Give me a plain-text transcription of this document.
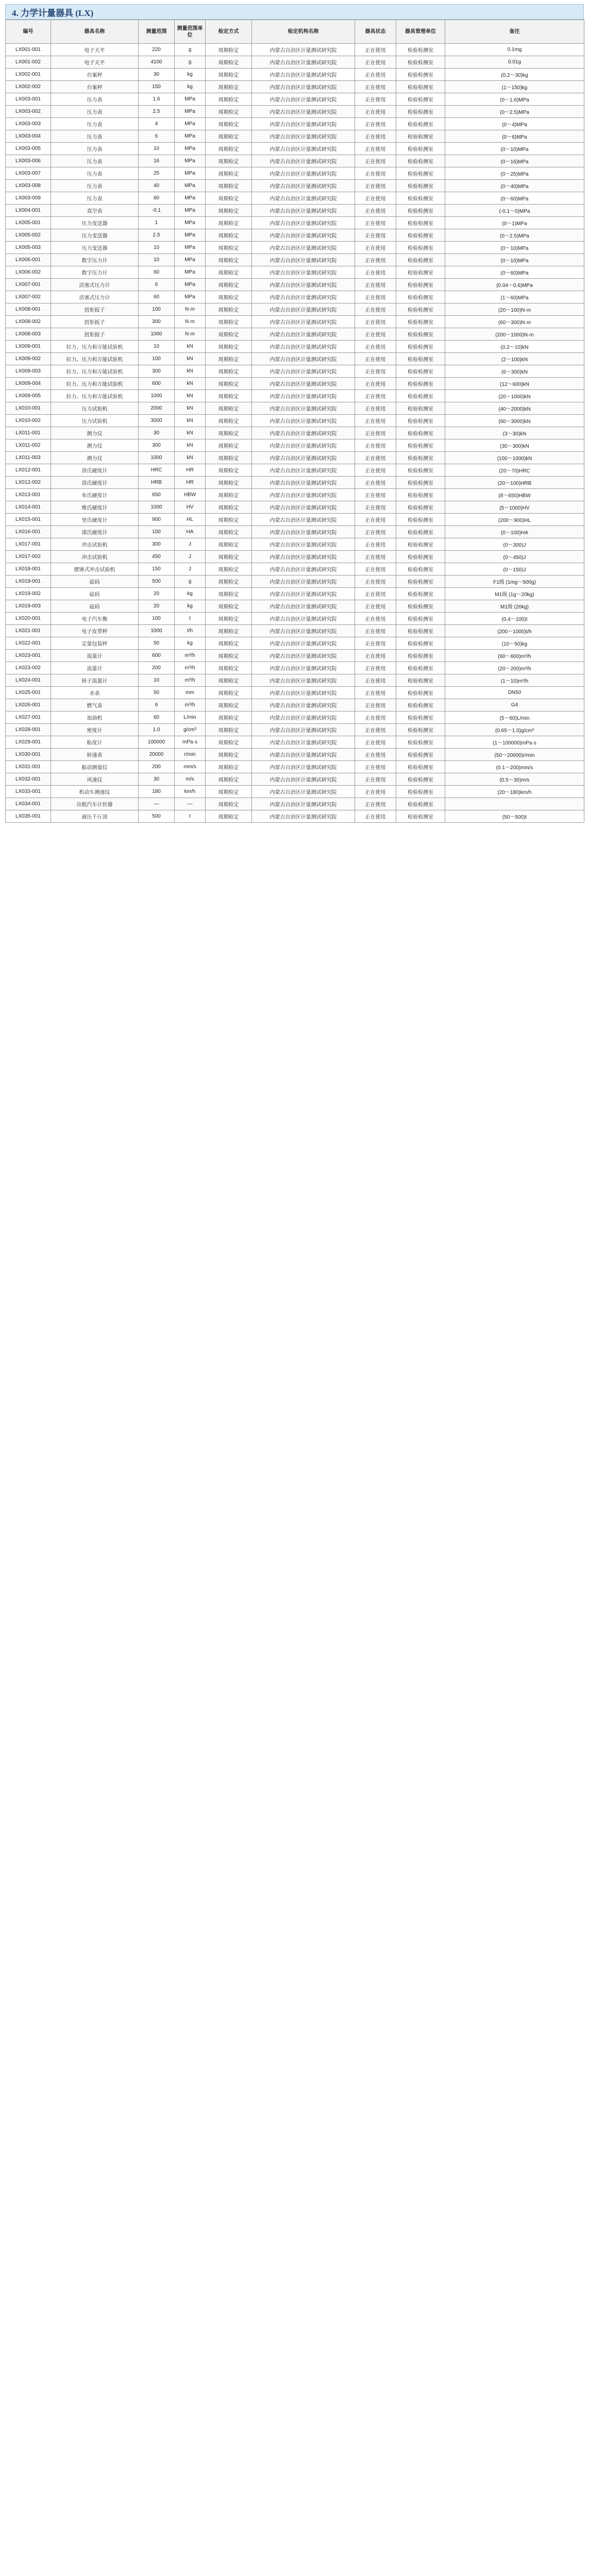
4. 力学计量器具 (LX)
编号	器具名称	测量范围	测量范围单位	检定方式	检定机构名称	器具状态	器具管理单位	备注
LX001-001	电子天平	220	g	周期检定	内蒙古自治区计量测试研究院	正在使用	检验检测室	0.1mg
LX001-002	电子天平	4100	g	周期检定	内蒙古自治区计量测试研究院	正在使用	检验检测室	0.01g
LX002-001	台案秤	30	kg	周期检定	内蒙古自治区计量测试研究院	正在使用	检验检测室	(0.2～30)kg
LX002-002	台案秤	150	kg	周期检定	内蒙古自治区计量测试研究院	正在使用	检验检测室	(1～150)kg
LX003-001	压力表	1.6	MPa	周期检定	内蒙古自治区计量测试研究院	正在使用	检验检测室	(0～1.6)MPa
LX003-002	压力表	2.5	MPa	周期检定	内蒙古自治区计量测试研究院	正在使用	检验检测室	(0～2.5)MPa
LX003-003	压力表	4	MPa	周期检定	内蒙古自治区计量测试研究院	正在使用	检验检测室	(0～4)MPa
LX003-004	压力表	6	MPa	周期检定	内蒙古自治区计量测试研究院	正在使用	检验检测室	(0～6)MPa
LX003-005	压力表	10	MPa	周期检定	内蒙古自治区计量测试研究院	正在使用	检验检测室	(0～10)MPa
LX003-006	压力表	16	MPa	周期检定	内蒙古自治区计量测试研究院	正在使用	检验检测室	(0～16)MPa
LX003-007	压力表	25	MPa	周期检定	内蒙古自治区计量测试研究院	正在使用	检验检测室	(0～25)MPa
LX003-008	压力表	40	MPa	周期检定	内蒙古自治区计量测试研究院	正在使用	检验检测室	(0～40)MPa
LX003-009	压力表	60	MPa	周期检定	内蒙古自治区计量测试研究院	正在使用	检验检测室	(0～60)MPa
LX004-001	真空表	-0.1	MPa	周期检定	内蒙古自治区计量测试研究院	正在使用	检验检测室	(-0.1～0)MPa
LX005-001	压力变送器	1	MPa	周期检定	内蒙古自治区计量测试研究院	正在使用	检验检测室	(0～1)MPa
LX005-002	压力变送器	2.5	MPa	周期检定	内蒙古自治区计量测试研究院	正在使用	检验检测室	(0～2.5)MPa
LX005-003	压力变送器	10	MPa	周期检定	内蒙古自治区计量测试研究院	正在使用	检验检测室	(0～10)MPa
LX006-001	数字压力计	10	MPa	周期检定	内蒙古自治区计量测试研究院	正在使用	检验检测室	(0～10)MPa
LX006-002	数字压力计	60	MPa	周期检定	内蒙古自治区计量测试研究院	正在使用	检验检测室	(0～60)MPa
LX007-001	活塞式压力计	6	MPa	周期检定	内蒙古自治区计量测试研究院	正在使用	检验检测室	(0.04～0.6)MPa
LX007-002	活塞式压力计	60	MPa	周期检定	内蒙古自治区计量测试研究院	正在使用	检验检测室	(1～60)MPa
LX008-001	扭矩扳子	100	N·m	周期检定	内蒙古自治区计量测试研究院	正在使用	检验检测室	(20～100)N·m
LX008-002	扭矩扳子	300	N·m	周期检定	内蒙古自治区计量测试研究院	正在使用	检验检测室	(60～300)N·m
LX008-003	扭矩扳子	1000	N·m	周期检定	内蒙古自治区计量测试研究院	正在使用	检验检测室	(200～1000)N·m
LX009-001	拉力、压力和万能试验机	10	kN	周期检定	内蒙古自治区计量测试研究院	正在使用	检验检测室	(0.2～10)kN
LX009-002	拉力、压力和万能试验机	100	kN	周期检定	内蒙古自治区计量测试研究院	正在使用	检验检测室	(2～100)kN
LX009-003	拉力、压力和万能试验机	300	kN	周期检定	内蒙古自治区计量测试研究院	正在使用	检验检测室	(6～300)kN
LX009-004	拉力、压力和万能试验机	600	kN	周期检定	内蒙古自治区计量测试研究院	正在使用	检验检测室	(12～600)kN
LX009-005	拉力、压力和万能试验机	1000	kN	周期检定	内蒙古自治区计量测试研究院	正在使用	检验检测室	(20～1000)kN
LX010-001	压力试验机	2000	kN	周期检定	内蒙古自治区计量测试研究院	正在使用	检验检测室	(40～2000)kN
LX010-002	压力试验机	3000	kN	周期检定	内蒙古自治区计量测试研究院	正在使用	检验检测室	(60～3000)kN
LX011-001	测力仪	30	kN	周期检定	内蒙古自治区计量测试研究院	正在使用	检验检测室	(3～30)kN
LX011-002	测力仪	300	kN	周期检定	内蒙古自治区计量测试研究院	正在使用	检验检测室	(30～300)kN
LX011-003	测力仪	1000	kN	周期检定	内蒙古自治区计量测试研究院	正在使用	检验检测室	(100～1000)kN
LX012-001	洛氏硬度计	HRC	HR	周期检定	内蒙古自治区计量测试研究院	正在使用	检验检测室	(20～70)HRC
LX012-002	洛氏硬度计	HRB	HR	周期检定	内蒙古自治区计量测试研究院	正在使用	检验检测室	(20～100)HRB
LX013-001	布氏硬度计	650	HBW	周期检定	内蒙古自治区计量测试研究院	正在使用	检验检测室	(8～650)HBW
LX014-001	维氏硬度计	1000	HV	周期检定	内蒙古自治区计量测试研究院	正在使用	检验检测室	(5～1000)HV
LX015-001	里氏硬度计	900	HL	周期检定	内蒙古自治区计量测试研究院	正在使用	检验检测室	(200～900)HL
LX016-001	邵氏硬度计	100	HA	周期检定	内蒙古自治区计量测试研究院	正在使用	检验检测室	(0～100)HA
LX017-001	冲击试验机	300	J	周期检定	内蒙古自治区计量测试研究院	正在使用	检验检测室	(0～300)J
LX017-002	冲击试验机	450	J	周期检定	内蒙古自治区计量测试研究院	正在使用	检验检测室	(0～450)J
LX018-001	摆锤式冲击试验机	150	J	周期检定	内蒙古自治区计量测试研究院	正在使用	检验检测室	(0～150)J
LX019-001	砝码	500	g	周期检定	内蒙古自治区计量测试研究院	正在使用	检验检测室	F1级 (1mg～500g)
LX019-002	砝码	20	kg	周期检定	内蒙古自治区计量测试研究院	正在使用	检验检测室	M1级 (1g～20kg)
LX019-003	砝码	20	kg	周期检定	内蒙古自治区计量测试研究院	正在使用	检验检测室	M1级 (20kg)
LX020-001	电子汽车衡	100	t	周期检定	内蒙古自治区计量测试研究院	正在使用	检验检测室	(0.4～100)t
LX021-001	电子皮带秤	1000	t/h	周期检定	内蒙古自治区计量测试研究院	正在使用	检验检测室	(200～1000)t/h
LX022-001	定量包装秤	50	kg	周期检定	内蒙古自治区计量测试研究院	正在使用	检验检测室	(10～50)kg
LX023-001	流量计	600	m³/h	周期检定	内蒙古自治区计量测试研究院	正在使用	检验检测室	(60～600)m³/h
LX023-002	流量计	200	m³/h	周期检定	内蒙古自治区计量测试研究院	正在使用	检验检测室	(20～200)m³/h
LX024-001	转子流量计	10	m³/h	周期检定	内蒙古自治区计量测试研究院	正在使用	检验检测室	(1～10)m³/h
LX025-001	水表	50	mm	周期检定	内蒙古自治区计量测试研究院	正在使用	检验检测室	DN50
LX026-001	燃气表	6	m³/h	周期检定	内蒙古自治区计量测试研究院	正在使用	检验检测室	G4
LX027-001	加油机	60	L/min	周期检定	内蒙古自治区计量测试研究院	正在使用	检验检测室	(5～60)L/min
LX028-001	密度计	1.0	g/cm³	周期检定	内蒙古自治区计量测试研究院	正在使用	检验检测室	(0.65～1.0)g/cm³
LX029-001	粘度计	100000	mPa·s	周期检定	内蒙古自治区计量测试研究院	正在使用	检验检测室	(1～100000)mPa·s
LX030-001	转速表	20000	r/min	周期检定	内蒙古自治区计量测试研究院	正在使用	检验检测室	(50～20000)r/min
LX031-001	振动测量仪	200	mm/s	周期检定	内蒙古自治区计量测试研究院	正在使用	检验检测室	(0.1～200)mm/s
LX032-001	风速仪	30	m/s	周期检定	内蒙古自治区计量测试研究院	正在使用	检验检测室	(0.5～30)m/s
LX033-001	机动车测速仪	180	km/h	周期检定	内蒙古自治区计量测试研究院	正在使用	检验检测室	(20～180)km/h
LX034-001	出租汽车计价器	—	—	周期检定	内蒙古自治区计量测试研究院	正在使用	检验检测室	
LX035-001	液压千斤顶	500	t	周期检定	内蒙古自治区计量测试研究院	正在使用	检验检测室	(50～500)t
